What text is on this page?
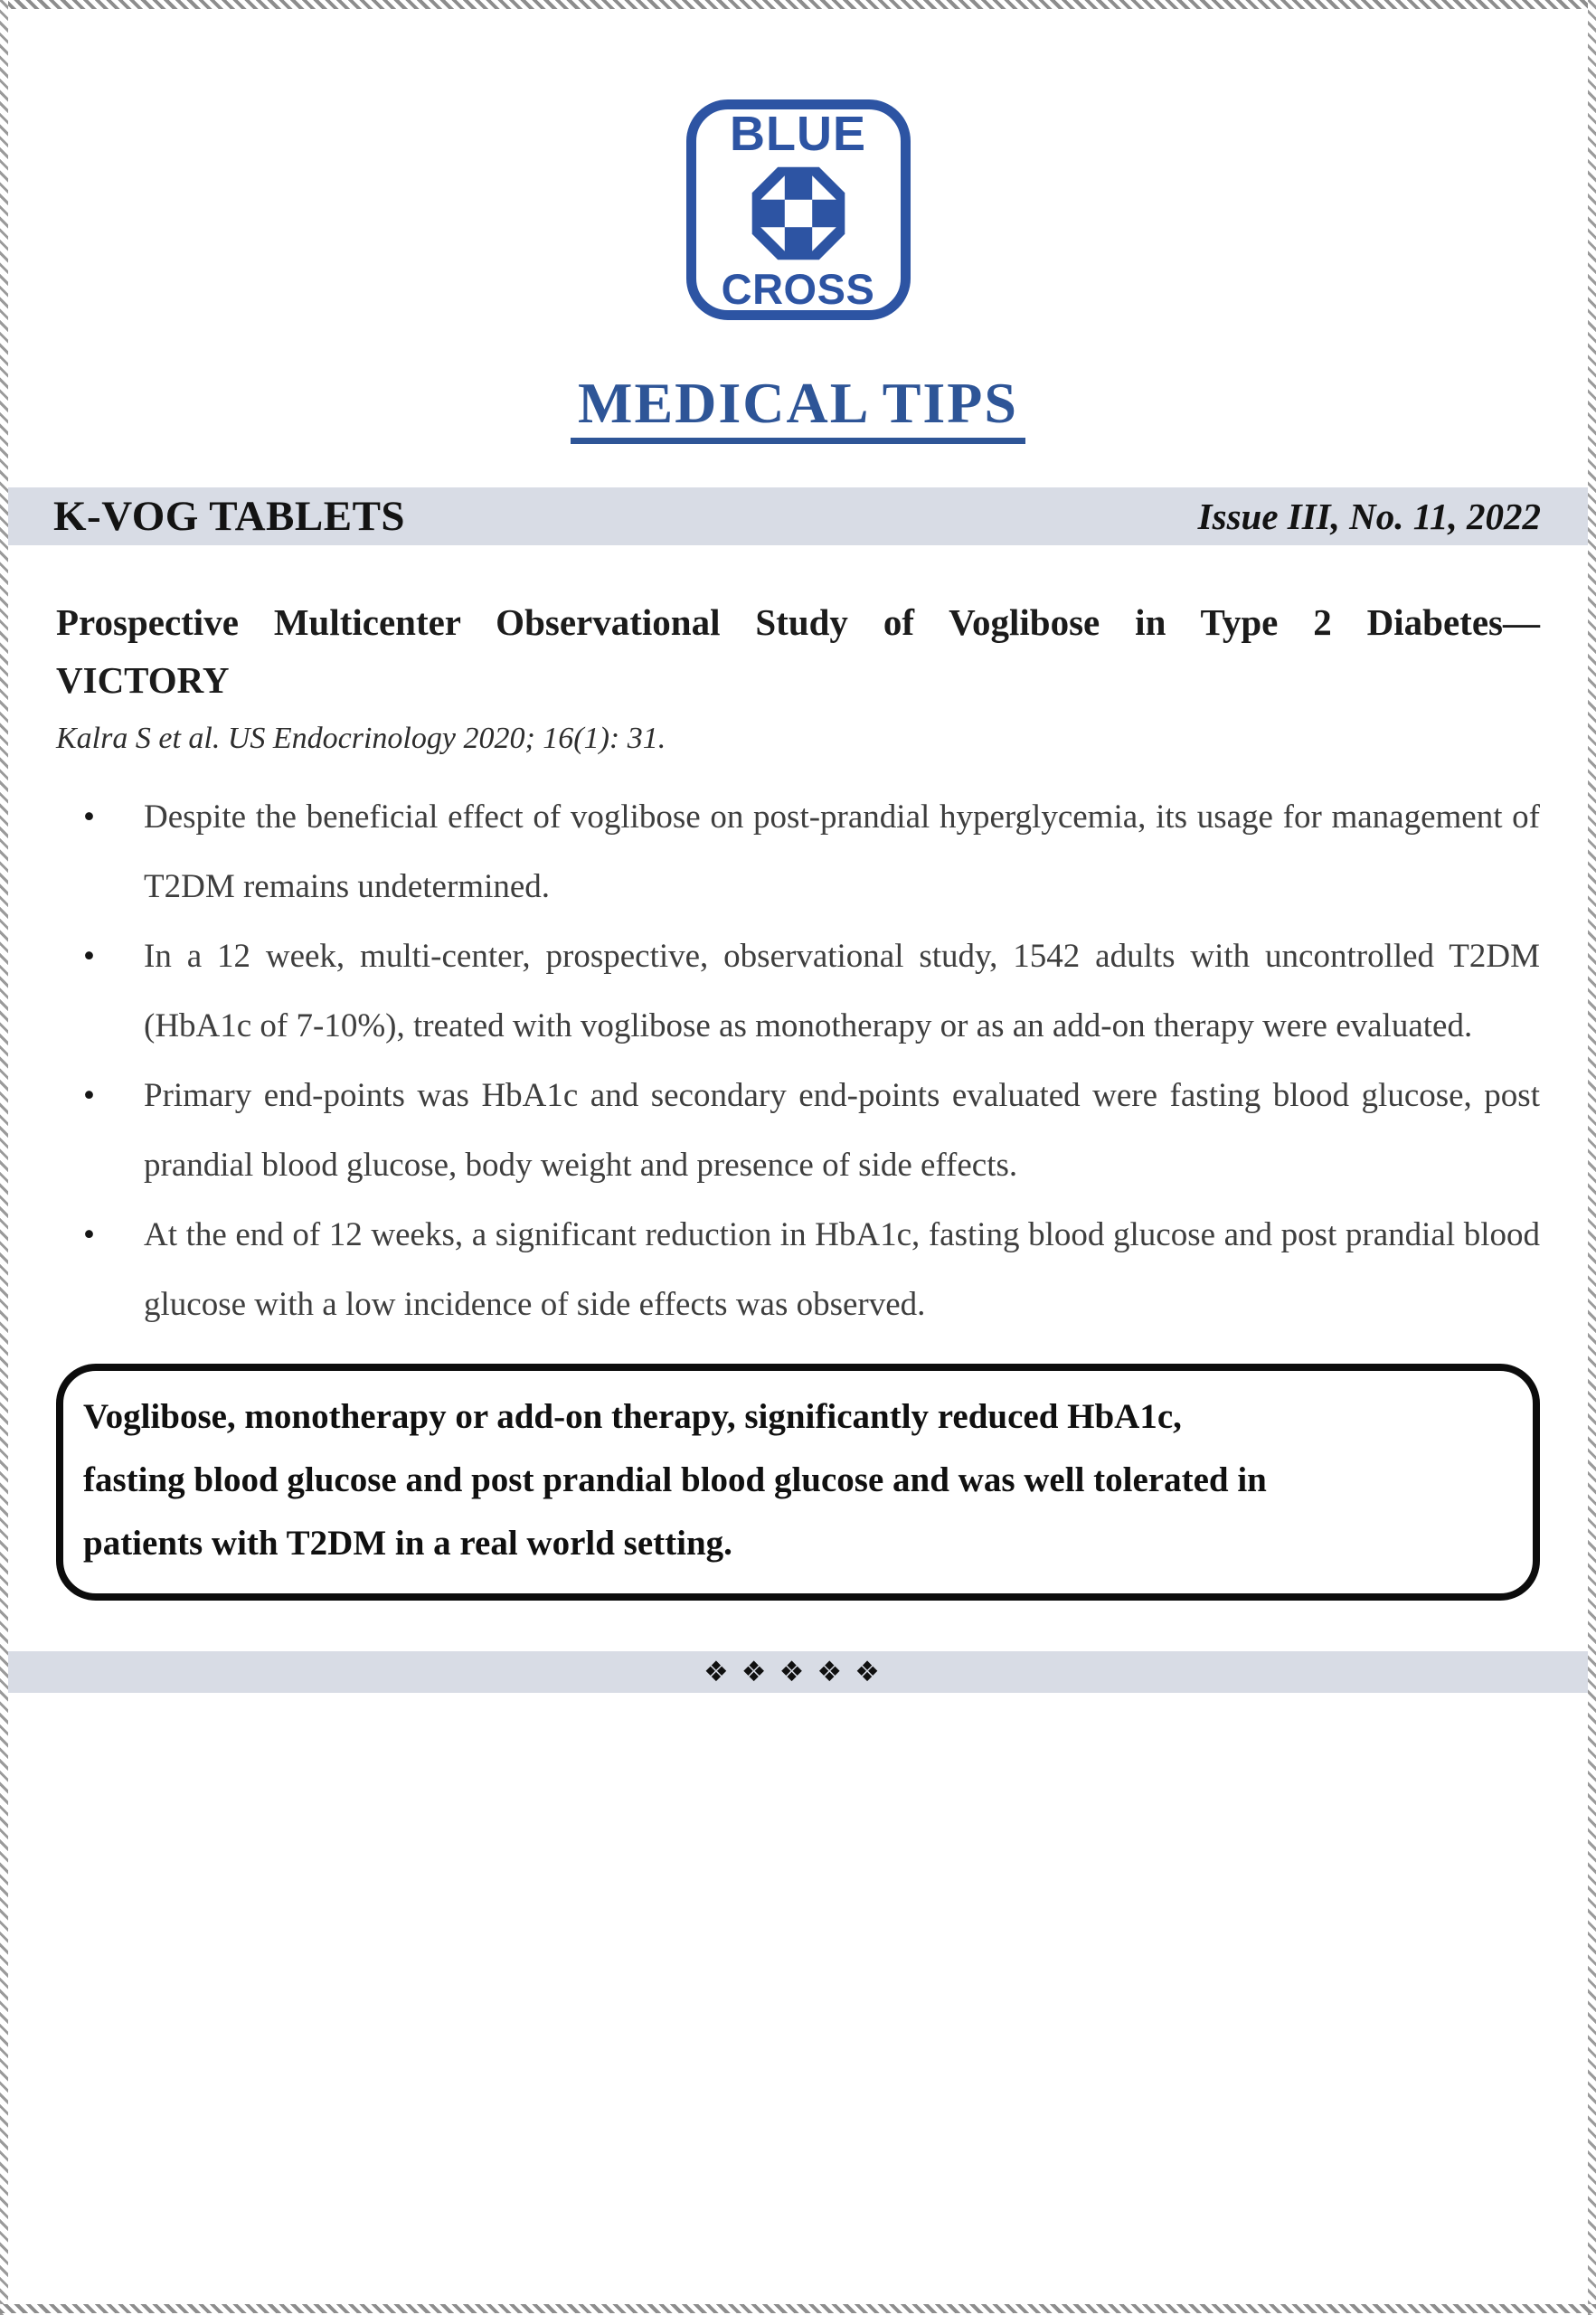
BLUE
CROSS
MEDICAL TIPS
K-VOG TABLETS	Issue III, No. 11, 2022
Prospective Multicenter Observational Study of Voglibose in Type 2 Diabetes—
VICTORY
Kalra S et al. US Endocrinology 2020; 16(1): 31.
• Despite the beneficial effect of voglibose on post-prandial hyperglycemia, its usage for management of T2DM remains undetermined.
• In a 12 week, multi-center, prospective, observational study, 1542 adults with uncontrolled T2DM (HbA1c of 7-10%), treated with voglibose as monotherapy or as an add-on therapy were evaluated.
• Primary end-points was HbA1c and secondary end-points evaluated were fasting blood glucose, post prandial blood glucose, body weight and presence of side effects.
• At the end of 12 weeks, a significant reduction in HbA1c, fasting blood glucose and post prandial blood glucose with a low incidence of side effects was observed.
Voglibose, monotherapy or add-on therapy, significantly reduced HbA1c,
fasting blood glucose and post prandial blood glucose and was well tolerated in
patients with T2DM in a real world setting.
❖❖❖❖❖
